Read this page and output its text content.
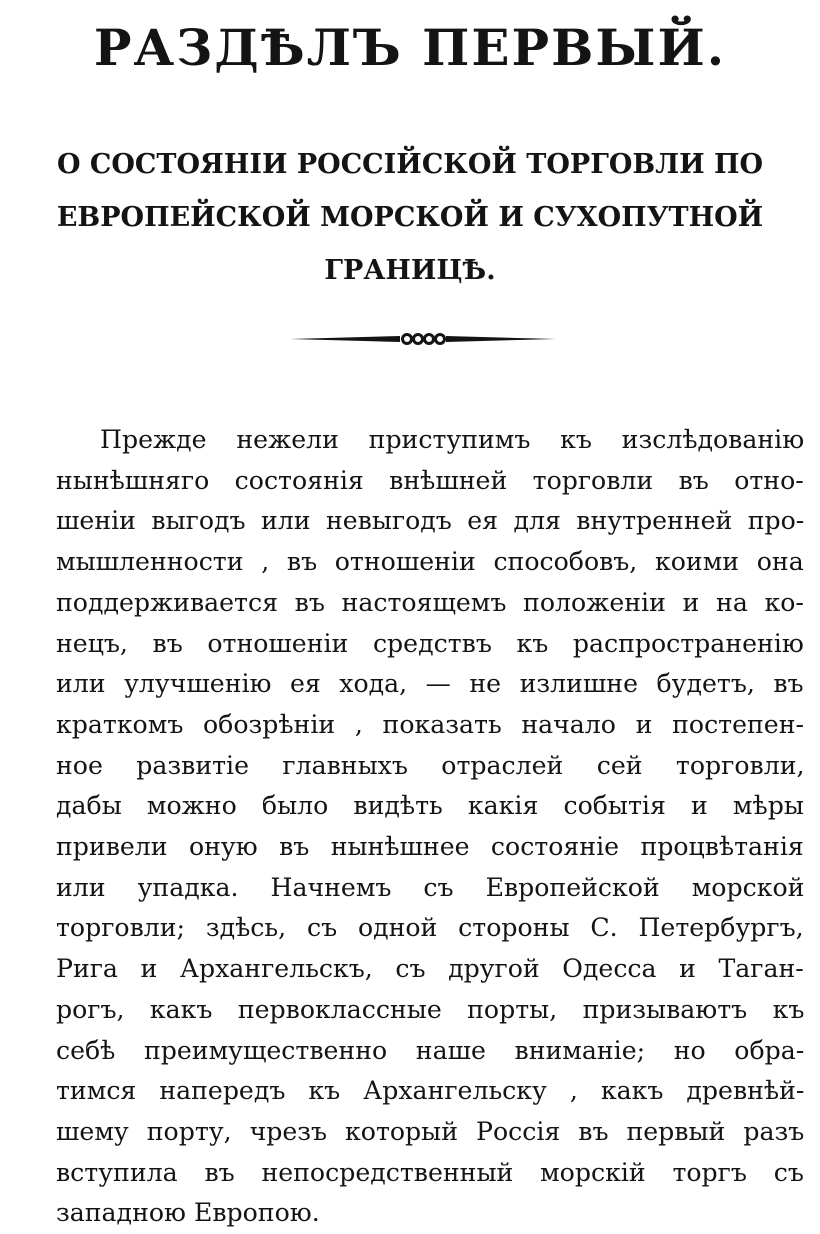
РАЗДѢЛЪ ПЕРВЫЙ.
О СОСТОЯНІИ РОССІЙСКОЙ ТОРГОВЛИ ПО
ЕВРОПЕЙСКОЙ МОРСКОЙ И СУХОПУТНОЙ
ГРАНИЦѢ.
Прежде нежели приступимъ къ изслѣдованію
нынѣшняго состоянія внѣшней торговли въ отно-
шеніи выгодъ или невыгодъ ея для внутренней про-
мышленности , въ отношеніи способовъ, коими она
поддерживается въ настоящемъ положеніи и на ко-
нецъ, въ отношеніи средствъ къ распространенію
или улучшенію ея хода, — не излишне будетъ, въ
краткомъ обозрѣніи , показать начало и постепен-
ное развитіе главныхъ отраслей сей торговли,
дабы можно было видѣть какія событія и мѣры
привели оную въ нынѣшнее состояніе процвѣтанія
или упадка. Начнемъ съ Европейской морской
торговли; здѣсь, съ одной стороны С. Петербургъ,
Рига и Архангельскъ, съ другой Одесса и Таган-
рогъ, какъ первоклассные порты, призываютъ къ
себѣ преимущественно наше вниманіе; но обра-
тимся напередъ къ Архангельску , какъ древнѣй-
шему порту, чрезъ который Россія въ первый разъ
вступила въ непосредственный морскій торгъ съ
западною Европою.
